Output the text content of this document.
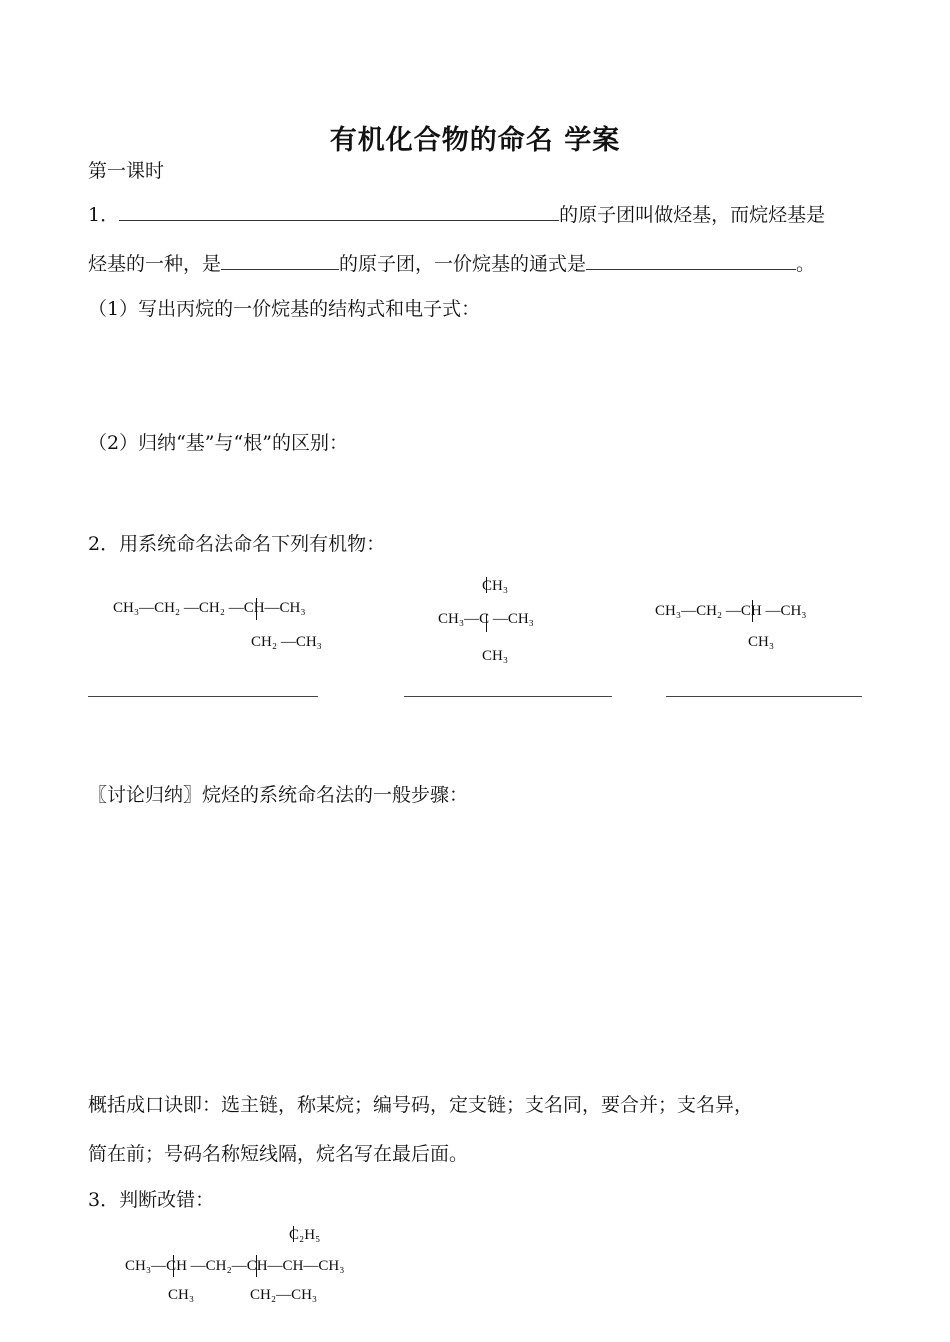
有机化合物的命名 学案
第一课时
1．	的原子团叫做烃基，而烷烃基是
烃基的一种，是	的原子团，一价烷基的通式是	。
（1）写出丙烷的一价烷基的结构式和电子式：
（2）归纳“基”与“根”的区别：
2．用系统命名法命名下列有机物：
CH₃—CH₂ —CH₂ —CH—CH₃
CH₂ —CH₃
CH₃
CH₃—C —CH₃
CH₃
CH₃—CH₂ —CH —CH₃
CH₃
〖讨论归纳〗烷烃的系统命名法的一般步骤：
概括成口诀即：选主链，称某烷；编号码，定支链；支名同，要合并；支名异，
简在前；号码名称短线隔，烷名写在最后面。
3．判断改错：
C₂H₅
CH₃—CH —CH₂—CH—CH—CH₃
CH₃	CH₂—CH₃
